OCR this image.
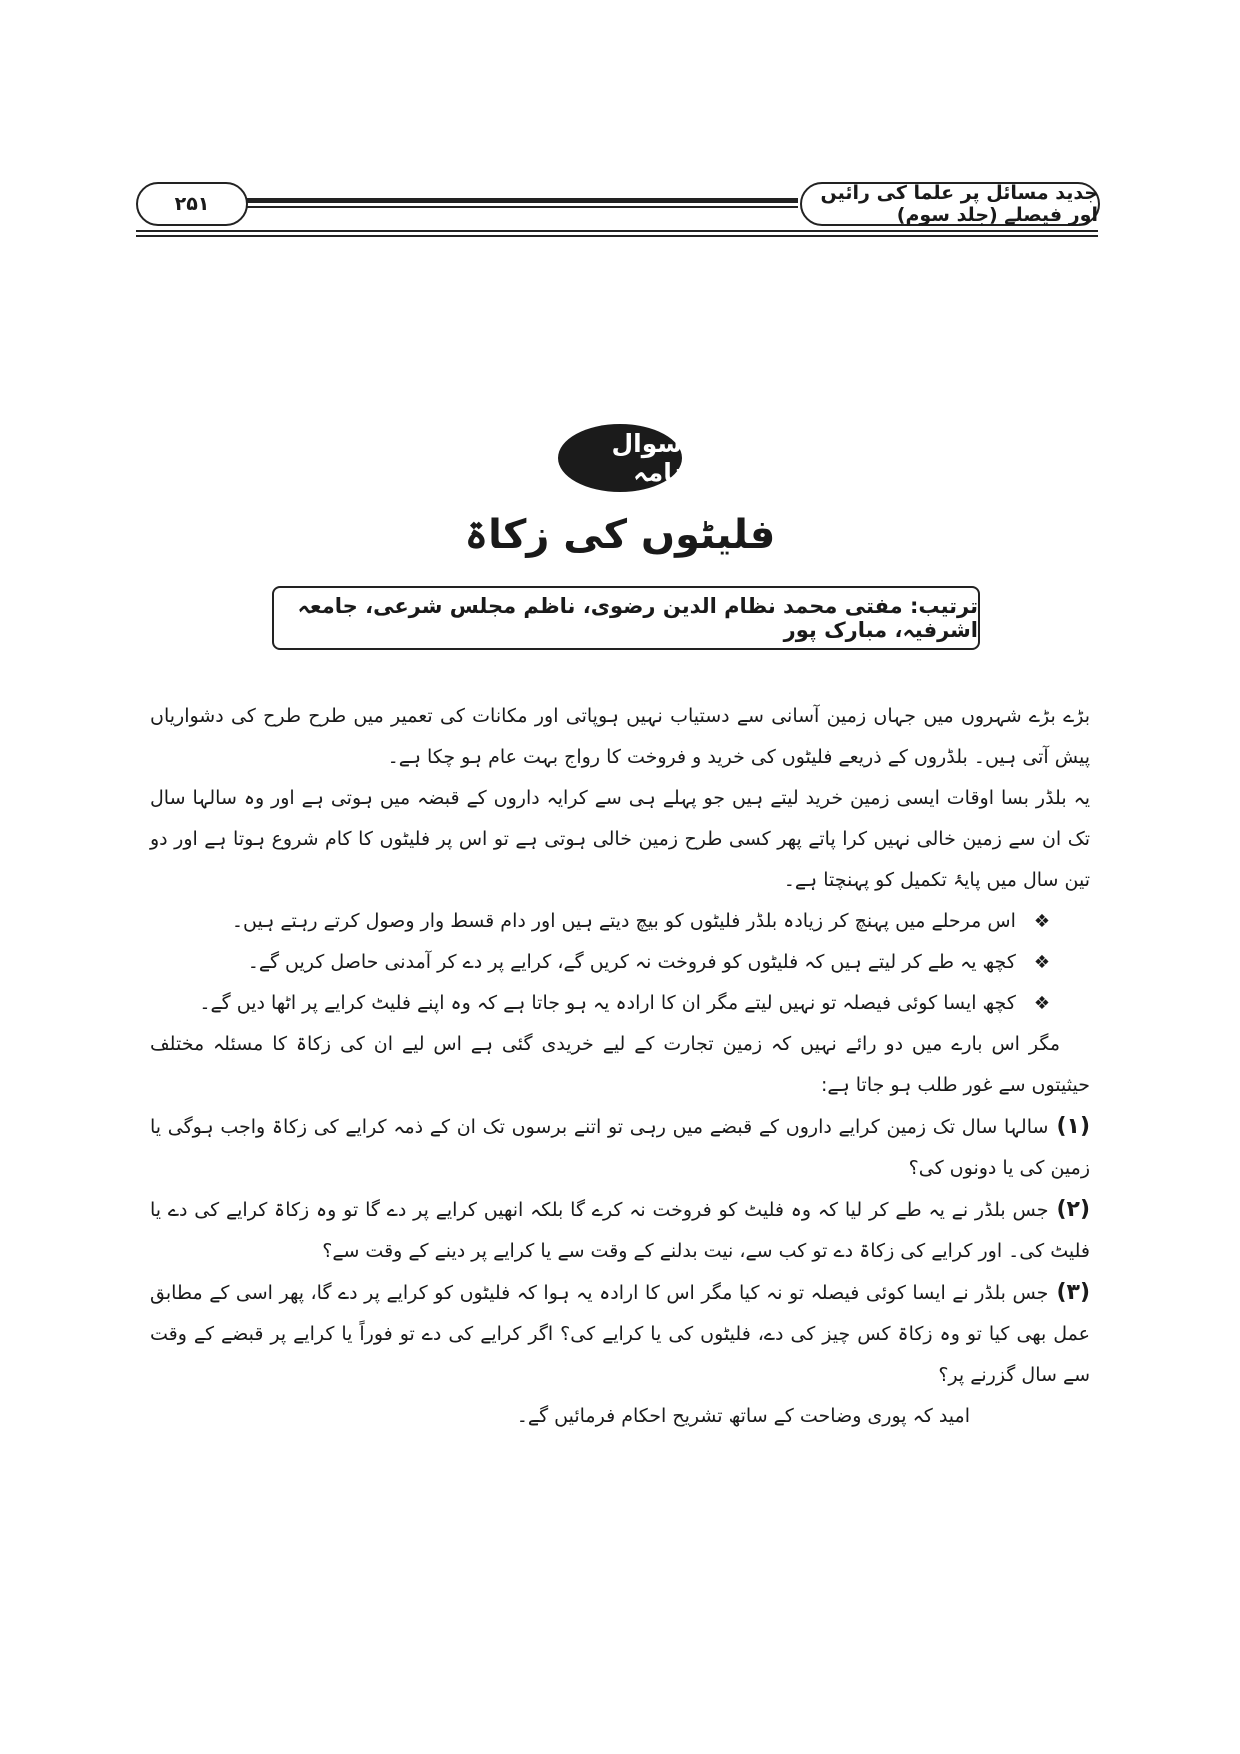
۲۵۱	جدید مسائل پر علما کی رائیں اور فیصلے (جلد سوم)
سوال نامہ
فلیٹوں کی زکاۃ
ترتیب: مفتی محمد نظام الدین رضوی، ناظم مجلس شرعی، جامعہ اشرفیہ، مبارک پور

بڑے بڑے شہروں میں جہاں زمین آسانی سے دستیاب نہیں ہوپاتی اور مکانات کی تعمیر میں طرح طرح کی دشواریاں پیش آتی ہیں۔ بلڈروں کے ذریعے فلیٹوں کی خرید و فروخت کا رواج بہت عام ہو چکا ہے۔

یہ بلڈر بسا اوقات ایسی زمین خرید لیتے ہیں جو پہلے ہی سے کرایہ داروں کے قبضہ میں ہوتی ہے اور وہ سالہا سال تک ان سے زمین خالی نہیں کرا پاتے پھر کسی طرح زمین خالی ہوتی ہے تو اس پر فلیٹوں کا کام شروع ہوتا ہے اور دو تین سال میں پایۂ تکمیل کو پہنچتا ہے۔

❖
اس مرحلے میں پہنچ کر زیادہ بلڈر فلیٹوں کو بیچ دیتے ہیں اور دام قسط وار وصول کرتے رہتے ہیں۔
❖
کچھ یہ طے کر لیتے ہیں کہ فلیٹوں کو فروخت نہ کریں گے، کرایے پر دے کر آمدنی حاصل کریں گے۔
❖
کچھ ایسا کوئی فیصلہ تو نہیں لیتے مگر ان کا ارادہ یہ ہو جاتا ہے کہ وہ اپنے فلیٹ کرایے پر اٹھا دیں گے۔

مگر اس بارے میں دو رائے نہیں کہ زمین تجارت کے لیے خریدی گئی ہے اس لیے ان کی زکاۃ کا مسئلہ مختلف حیثیتوں سے غور طلب ہو جاتا ہے:

(۱)سالہا سال تک زمین کرایے داروں کے قبضے میں رہی تو اتنے برسوں تک ان کے ذمہ کرایے کی زکاۃ واجب ہوگی یا زمین کی یا دونوں کی؟

(۲)جس بلڈر نے یہ طے کر لیا کہ وہ فلیٹ کو فروخت نہ کرے گا بلکہ انھیں کرایے پر دے گا تو وہ زکاۃ کرایے کی دے یا فلیٹ کی۔ اور کرایے کی زکاۃ دے تو کب سے، نیت بدلنے کے وقت سے یا کرایے پر دینے کے وقت سے؟

(۳)جس بلڈر نے ایسا کوئی فیصلہ تو نہ کیا مگر اس کا ارادہ یہ ہوا کہ فلیٹوں کو کرایے پر دے گا، پھر اسی کے مطابق عمل بھی کیا تو وہ زکاۃ کس چیز کی دے، فلیٹوں کی یا کرایے کی؟ اگر کرایے کی دے تو فوراً یا کرایے پر قبضے کے وقت سے سال گزرنے پر؟

امید کہ پوری وضاحت کے ساتھ تشریح احکام فرمائیں گے۔
